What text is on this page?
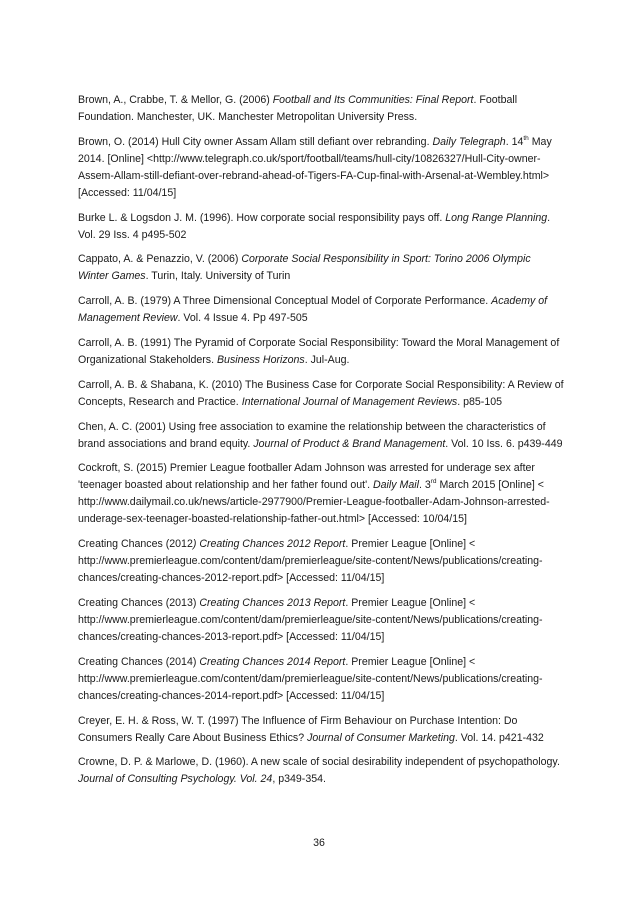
Brown, A., Crabbe, T. & Mellor, G. (2006) Football and Its Communities: Final Report. Football Foundation. Manchester, UK. Manchester Metropolitan University Press.
Brown, O. (2014) Hull City owner Assam Allam still defiant over rebranding. Daily Telegraph. 14th May 2014. [Online] <http://www.telegraph.co.uk/sport/football/teams/hull-city/10826327/Hull-City-owner-Assem-Allam-still-defiant-over-rebrand-ahead-of-Tigers-FA-Cup-final-with-Arsenal-at-Wembley.html>[Accessed: 11/04/15]
Burke L. & Logsdon J. M. (1996). How corporate social responsibility pays off. Long Range Planning. Vol. 29 Iss. 4 p495-502
Cappato, A. & Penazzio, V. (2006) Corporate Social Responsibility in Sport: Torino 2006 Olympic Winter Games. Turin, Italy. University of Turin
Carroll, A. B. (1979) A Three Dimensional Conceptual Model of Corporate Performance. Academy of Management Review. Vol. 4 Issue 4. Pp 497-505
Carroll, A. B. (1991) The Pyramid of Corporate Social Responsibility: Toward the Moral Management of Organizational Stakeholders. Business Horizons. Jul-Aug.
Carroll, A. B. & Shabana, K. (2010) The Business Case for Corporate Social Responsibility: A Review of Concepts, Research and Practice. International Journal of Management Reviews. p85-105
Chen, A. C. (2001) Using free association to examine the relationship between the characteristics of brand associations and brand equity. Journal of Product & Brand Management. Vol. 10 Iss. 6. p439-449
Cockroft, S. (2015) Premier League footballer Adam Johnson was arrested for underage sex after 'teenager boasted about relationship and her father found out'. Daily Mail. 3rd March 2015 [Online] < http://www.dailymail.co.uk/news/article-2977900/Premier-League-footballer-Adam-Johnson-arrested-underage-sex-teenager-boasted-relationship-father-out.html> [Accessed: 10/04/15]
Creating Chances (2012) Creating Chances 2012 Report. Premier League [Online] < http://www.premierleague.com/content/dam/premierleague/site-content/News/publications/creating-chances/creating-chances-2012-report.pdf> [Accessed: 11/04/15]
Creating Chances (2013) Creating Chances 2013 Report. Premier League [Online] < http://www.premierleague.com/content/dam/premierleague/site-content/News/publications/creating-chances/creating-chances-2013-report.pdf> [Accessed: 11/04/15]
Creating Chances (2014) Creating Chances 2014 Report. Premier League [Online] < http://www.premierleague.com/content/dam/premierleague/site-content/News/publications/creating-chances/creating-chances-2014-report.pdf> [Accessed: 11/04/15]
Creyer, E. H. & Ross, W. T. (1997) The Influence of Firm Behaviour on Purchase Intention: Do Consumers Really Care About Business Ethics? Journal of Consumer Marketing. Vol. 14. p421-432
Crowne, D. P. & Marlowe, D. (1960). A new scale of social desirability independent of psychopathology. Journal of Consulting Psychology. Vol. 24, p349-354.
36
